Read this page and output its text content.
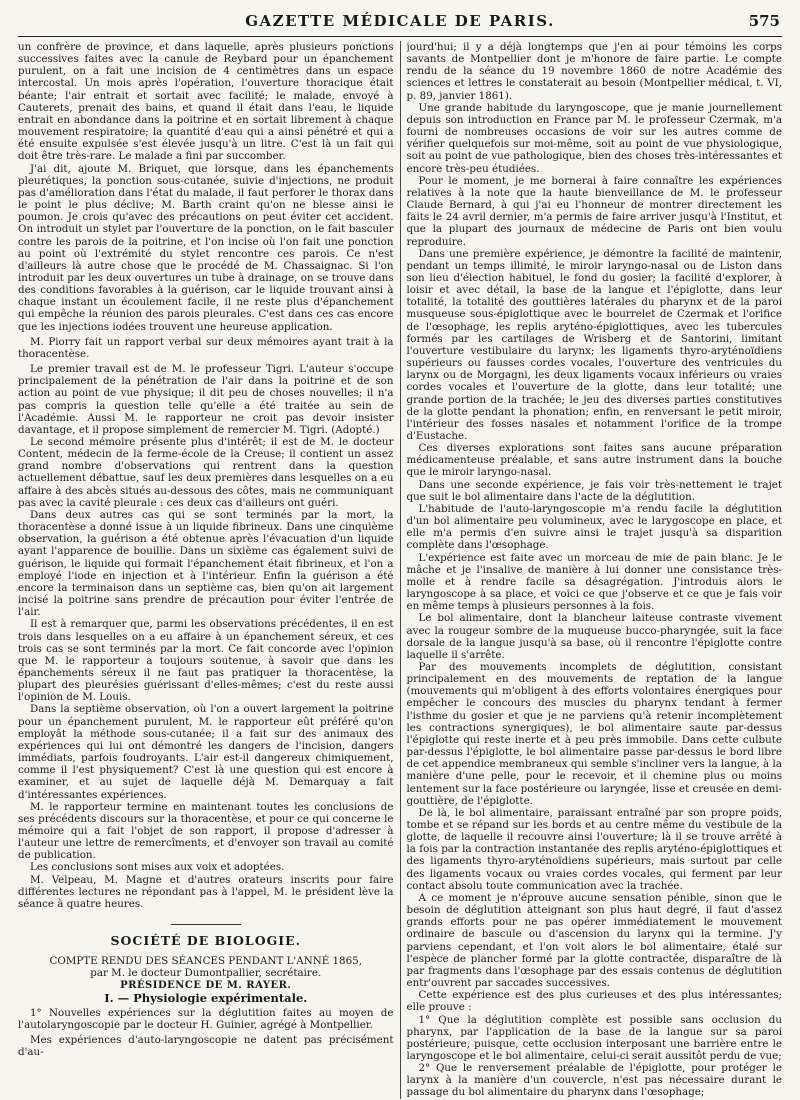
GAZETTE MÉDICALE DE PARIS.	575

un confrère de province, et dans laquelle, après plusieurs ponctions successives faites avec la canule de Reybard pour un épanchement purulent, on a fait une incision de 4 centimètres dans un espace intercostal. Un mois après l'opération, l'ouverture thoracique était béante; l'air entrait et sortait avec facilité; le malade, envoyé à Cauterets, prenait des bains, et quand il était dans l'eau, le liquide entrait en abondance dans la poitrine et en sortait librement à chaque mouvement respiratoire; la quantité d'eau qui a ainsi pénétré et qui a été ensuite expulsée s'est élevée jusqu'à un litre. C'est là un fait qui doit être très-rare. Le malade a fini par succomber.

J'ai dit, ajoute M. Briquet, que lorsque, dans les épanchements pleurétiques, la ponction sous-cutanée, suivie d'injections, ne produit pas d'amélioration dans l'état du malade, il faut perforer le thorax dans le point le plus déclive; M. Barth craint qu'on ne blesse ainsi le poumon. Je crois qu'avec des précautions on peut éviter cet accident. On introduit un stylet par l'ouverture de la ponction, on le fait basculer contre les parois de la poitrine, et l'on incise où l'on fait une ponction au point où l'extrémité du stylet rencontre ces parois. Ce n'est d'ailleurs là autre chose que le procédé de M. Chassaignac. Si l'on introduit par les deux ouvertures un tube à drainage, on se trouve dans des conditions favorables à la guérison, car le liquide trouvant ainsi à chaque instant un écoulement facile, il ne reste plus d'épanchement qui empêche la réunion des parois pleurales. C'est dans ces cas encore que les injections iodées trouvent une heureuse application.

M. Piorry fait un rapport verbal sur deux mémoires ayant trait à la thoracentèse.

Le premier travail est de M. le professeur Tigri. L'auteur s'occupe principalement de la pénétration de l'air dans la poitrine et de son action au point de vue physique; il dit peu de choses nouvelles; il n'a pas compris la question telle qu'elle a été traitée au sein de l'Académie. Aussi M. le rapporteur ne croit pas devoir insister davantage, et il propose simplement de remercier M. Tigri. (Adopté.)

Le second mémoire présente plus d'intérêt; il est de M. le docteur Content, médecin de la ferme-école de la Creuse; il contient un assez grand nombre d'observations qui rentrent dans la question actuellement débattue, sauf les deux premières dans lesquelles on a eu affaire à des abcès situés au-dessous des côtes, mais ne communiquant pas avec la cavité pleurale : ces deux cas d'ailleurs ont guéri.

Dans deux autres cas qui se sont terminés par la mort, la thoracentèse a donné issue à un liquide fibrineux. Dans une cinquième observation, la guérison a été obtenue après l'évacuation d'un liquide ayant l'apparence de bouillie. Dans un sixième cas également suivi de guérison, le liquide qui formait l'épanchement était fibrineux, et l'on a employé l'iode en injection et à l'intérieur. Enfin la guérison a été encore la terminaison dans un septième cas, bien qu'on ait largement incisé la poitrine sans prendre de précaution pour éviter l'entrée de l'air.

Il est à remarquer que, parmi les observations précédentes, il en est trois dans lesquelles on a eu affaire à un épanchement séreux, et ces trois cas se sont terminés par la mort. Ce fait concorde avec l'opinion que M. le rapporteur a toujours soutenue, à savoir que dans les épanchements séreux il ne faut pas pratiquer la thoracentèse, la plupart des pleurésies guérissant d'elles-mêmes; c'est du reste aussi l'opinion de M. Louis.

Dans la septième observation, où l'on a ouvert largement la poitrine pour un épanchement purulent, M. le rapporteur eût préféré qu'on employât la méthode sous-cutanée; il a fait sur des animaux des expériences qui lui ont démontré les dangers de l'incision, dangers immédiats, parfois foudroyants. L'air est-il dangereux chimiquement, comme il l'est physiquement? C'est là une question qui est encore à examiner, et au sujet de laquelle déjà M. Demarquay a fait d'intéressantes expériences.

M. le rapporteur termine en maintenant toutes les conclusions de ses précédents discours sur la thoracentèse, et pour ce qui concerne le mémoire qui a fait l'objet de son rapport, il propose d'adresser à l'auteur une lettre de remercîments, et d'envoyer son travail au comité de publication.

Les conclusions sont mises aux voix et adoptées.

M. Velpeau, M. Magne et d'autres orateurs inscrits pour faire différentes lectures ne répondant pas à l'appel, M. le président lève la séance à quatre heures.

SOCIÉTÉ DE BIOLOGIE.

COMPTE RENDU DES SÉANCES PENDANT L'ANNÉ 1865,

par M. le docteur Dumontpallier, secrétaire.

PRÉSIDENCE DE M. RAYER.

I. — Physiologie expérimentale.

1° Nouvelles expériences sur la déglutition faites au moyen de l'autolaryngoscopie par le docteur H. Guinier, agrégé à Montpellier.

Mes expériences d'auto-laryngoscopie ne datent pas précisément d'au-

jourd'hui; il y a déjà longtemps que j'en ai pour témoins les corps savants de Montpellier dont je m'honore de faire partie. Le compte rendu de la séance du 19 novembre 1860 de notre Académie des sciences et lettres le constaterait au besoin (Montpellier médical, t. VI, p. 89, janvier 1861).

Une grande habitude du laryngoscope, que je manie journellement depuis son introduction en France par M. le professeur Czermak, m'a fourni de nombreuses occasions de voir sur les autres comme de vérifier quelquefois sur moi-même, soit au point de vue physiologique, soit au point de vue pathologique, bien des choses très-intéressantes et encore très-peu étudiées.

Pour le moment, je me bornerai à faire connaître les expériences relatives à la note que la haute bienveillance de M. le professeur Claude Bernard, à qui j'ai eu l'honneur de montrer directement les faits le 24 avril dernier, m'a permis de faire arriver jusqu'à l'Institut, et que la plupart des journaux de médecine de Paris ont bien voulu reproduire.

Dans une première expérience, je démontre la facilité de maintenir, pendant un temps illimité, le miroir laryngo-nasal ou de Liston dans son lieu d'élection habituel, le fond du gosier; la facilité d'explorer, à loisir et avec détail, la base de la langue et l'épiglotte, dans leur totalité, la totalité des gouttières latérales du pharynx et de la paroi musqueuse sous-épiglottique avec le bourrelet de Czermak et l'orifice de l'œsophage, les replis aryténo-épiglottiques, avec les tubercules formés par les cartilages de Wrisberg et de Santorini, limitant l'ouverture vestibulaire du larynx; les ligaments thyro-aryténoïdiens supérieurs ou fausses cordes vocales, l'ouverture des ventricules du larynx ou de Morgagni, les deux ligaments vocaux inférieurs ou vraies cordes vocales et l'ouverture de la glotte, dans leur totalité; une grande portion de la trachée; le jeu des diverses parties constitutives de la glotte pendant la phonation; enfin, en renversant le petit miroir, l'intérieur des fosses nasales et notamment l'orifice de la trompe d'Eustache.

Ces diverses explorations sont faites sans aucune préparation médicamenteuse préalable, et sans autre instrument dans la bouche que le miroir laryngo-nasal.

Dans une seconde expérience, je fais voir très-nettement le trajet que suit le bol alimentaire dans l'acte de la déglutition.

L'habitude de l'auto-laryngoscopie m'a rendu facile la déglutition d'un bol alimentaire peu volumineux, avec le larygoscope en place, et elle m'a permis d'en suivre ainsi le trajet jusqu'à sa disparition complète dans l'œsophage.

L'expérience est faite avec un morceau de mie de pain blanc. Je le mâche et je l'insalive de manière à lui donner une consistance très-molle et à rendre facile sa désagrégation. J'introduis alors le laryngoscope à sa place, et voici ce que j'observe et ce que je fais voir en même temps à plusieurs personnes à la fois.

Le bol alimentaire, dont la blancheur laiteuse contraste vivement avec la rougeur sombre de la muqueuse bucco-pharyngée, suit la face dorsale de la langue jusqu'à sa base, où il rencontre l'épiglotte contre laquelle il s'arrête.

Par des mouvements incomplets de déglutition, consistant principalement en des mouvements de reptation de la langue (mouvements qui m'obligent à des efforts volontaires énergiques pour empêcher le concours des muscles du pharynx tendant à fermer l'isthme du gosier et que je ne parviens qu'à retenir incomplètement les contractions synergiques), le bol alimentaire saute par-dessus l'épiglotte qui reste inerte et à peu près immobile. Dans cette culbute par-dessus l'épiglotte, le bol alimentaire passe par-dessus le bord libre de cet appendice membraneux qui semble s'incliner vers la langue, à la manière d'une pelle, pour le recevoir, et il chemine plus ou moins lentement sur la face postérieure ou laryngée, lisse et creusée en demi-gouttière, de l'épiglotte.

De là, le bol alimentaire, paraissant entraîné par son propre poids, tombe et se répand sur les bords et au centre même du vestibule de la glotte, de laquelle il recouvre ainsi l'ouverture; là il se trouve arrêté à la fois par la contraction instantanée des replis aryténo-épiglottiques et des ligaments thyro-aryténoïdiens supérieurs, mais surtout par celle des ligaments vocaux ou vraies cordes vocales, qui ferment par leur contact absolu toute communication avec la trachée.

A ce moment je n'éprouve aucune sensation pénible, sinon que le besoin de déglutition atteignant son plus haut degré, il faut d'assez grands efforts pour ne pas opérer immédiatement le mouvement ordinaire de bascule ou d'ascension du larynx qui la termine. J'y parviens cependant, et l'on voit alors le bol alimentaire, étalé sur l'espèce de plancher formé par la glotte contractée, disparaître de là par fragments dans l'œsophage par des essais contenus de déglutition entr'ouvrent par saccades successives.

Cette expérience est des plus curieuses et des plus intéressantes; elle prouve :

1° Que la déglutition complète est possible sans occlusion du pharynx, par l'application de la base de la langue sur sa paroi postérieure, puisque, cette occlusion interposant une barrière entre le laryngoscope et le bol alimentaire, celui-ci serait aussitôt perdu de vue;

2° Que le renversement préalable de l'épiglotte, pour protéger le larynx à la manière d'un couvercle, n'est pas nécessaire durant le passage du bol alimentaire du pharynx dans l'œsophage;
